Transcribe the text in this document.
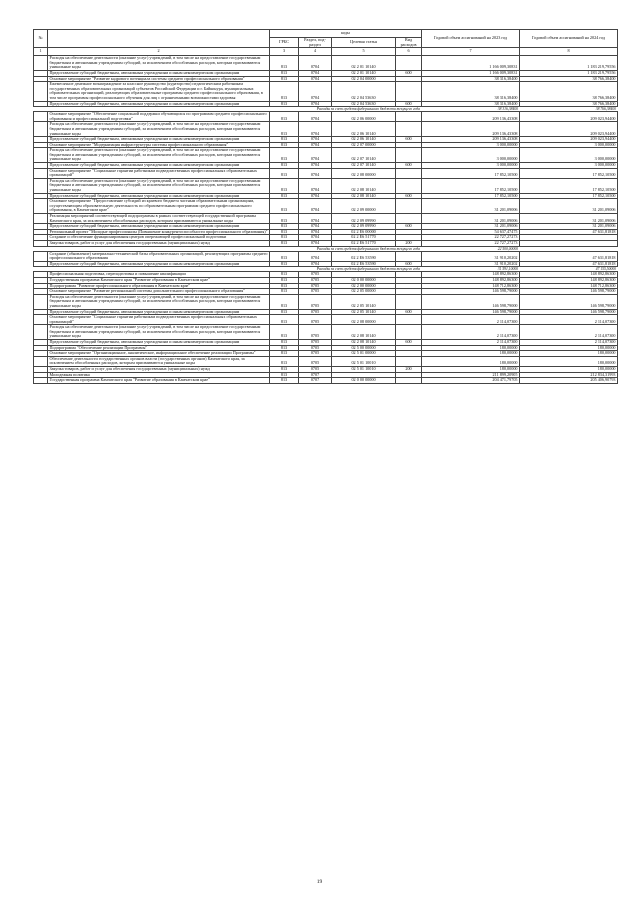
№		коды				Годовой объем ассигнований на 2023 год	Годовой объем ассигнований на 2024 год
		ГРБС	Раздел, под- раздел	Целевая статья	Вид расходов		
1	2	3	4	5	6	7	8
	Расходы на обеспечение деятельности (оказание услуг) учреждений, в том числе на предоставление государственным бюджетным и автономным учреждениям субсидий, за исключением обособленных расходов, которым присваиваются уникальные коды	813	0704	02 2 01 10140		1 166 009,30831	1 183 219,79556
	Предоставление субсидий бюджетным, автономным учреждениям и иным некоммерческим организациям	813	0704	02 2 01 10140	600	1 166 009,30831	1 183 219,79556
	Основное мероприятие "Развитие кадрового потенциала системы среднего профессионального образования"	813	0704	02 2 04 00000		38 316,38400	38 766,38400
	Ежемесячное денежное вознаграждение за классное руководство (кураторство) педагогическим работникам государственных образовательных организаций субъектов Российской Федерации и г. Байконура, муниципальных образовательных организаций, реализующих образовательные программы среднего профессионального образования, в том числе программы профессионального обучения для лиц с ограниченными возможностями здоровья	813	0704	02 2 04 53630		38 316,38400	38 766,38400
	Предоставление субсидий бюджетным, автономным учреждениям и иным некоммерческим организациям	813	0704	02 2 04 53630	600	38 316,38400	38 766,38400
	Расходы за счет средств федерального бюджета текущего года					38 316,38400	38 766,38400
	Основное мероприятие "Обеспечение социальной поддержки обучающихся по программам среднего профессионального образования и профессиональной подготовки"	813	0704	02 2 06 00000		209 136,43308	209 023,94400
	Расходы на обеспечение деятельности (оказание услуг) учреждений, в том числе на предоставление государственным бюджетным и автономным учреждениям субсидий, за исключением обособленных расходов, которым присваиваются уникальные коды	813	0704	02 2 06 10140		209 136,43308	209 023,94400
	Предоставление субсидий бюджетным, автономным учреждениям и иным некоммерческим организациям	813	0704	02 2 06 10140	600	209 136,43308	209 023,94400
	Основное мероприятие "Модернизация инфраструктуры системы профессионального образования"	813	0704	02 2 07 00000		3 000,00000	3 000,00000
	Расходы на обеспечение деятельности (оказание услуг) учреждений, в том числе на предоставление государственным бюджетным и автономным учреждениям субсидий, за исключением обособленных расходов, которым присваиваются уникальные коды	813	0704	02 2 07 10140		3 000,00000	3 000,00000
	Предоставление субсидий бюджетным, автономным учреждениям и иным некоммерческим организациям	813	0704	02 2 07 10140	600	3 000,00000	3 000,00000
	Основное мероприятие "Социальные гарантии работникам подведомственных профессиональных образовательных организаций"	813	0704	02 2 08 00000		17 852,10500	17 852,10500
	Расходы на обеспечение деятельности (оказание услуг) учреждений, в том числе на предоставление государственным бюджетным и автономным учреждениям субсидий, за исключением обособленных расходов, которым присваиваются уникальные коды	813	0704	02 2 08 10140		17 852,10500	17 852,10500
	Предоставление субсидий бюджетным, автономным учреждениям и иным некоммерческим организациям	813	0704	02 2 08 10140	600	17 852,10500	17 852,10500
	Основное мероприятие "Предоставление субсидий из краевого бюджета частным образовательным организациям, осуществляющим образовательную деятельность по образовательным программам среднего профессионального образования, в Камчатском крае"	813	0704	02 2 09 00000		31 201,09006	31 201,09006
	Реализация мероприятий соответствующей подпрограммы в рамках соответствующей государственной программы Камчатского края, за исключением обособленных расходов, которым присваиваются уникальные коды	813	0704	02 2 09 09990		31 201,09006	31 201,09006
	Предоставление субсидий бюджетным, автономным учреждениям и иным некоммерческим организациям	813	0704	02 2 09 09990	600	31 201,09006	31 201,09006
	Региональный проект "Молодые профессионалы (Повышение конкурентоспособности профессионального образования)"	813	0704	02 2 Е6 00000		54 637,47475	47 631,81818
	Создание и обеспечение функционирования центров опережающей профессиональной подготовки	813	0704	02 2 Е6 51770		22 727,27273	
	Закупка товаров, работ и услуг для обеспечения государственных (муниципальных) нужд	813	0704	02 2 Е6 51770	200	22 727,27273	
	Расходы за счет средств федерального бюджета текущего года					22 500,00000	
	Создание (обновление) материально-технической базы образовательных организаций, реализующих программы среднего профессионального образования	813	0704	02 2 Е6 53590		31 910,20202	47 631,81818
	Предоставление субсидий бюджетным, автономным учреждениям и иным некоммерческим организациям	813	0704	02 2 Е6 53590	600	31 910,20202	47 631,81818
	Расходы за счет средств федерального бюджета текущего года					31 591,10000	47 155,50000
	Профессиональная подготовка, переподготовка и повышение квалификации	813	0705			148 892,86300	148 892,86300
	Государственная программа Камчатского края "Развитие образования в Камчатском крае"	813	0705	02 0 00 00000		148 892,86300	148 892,86300
	Подпрограмма "Развитие профессионального образования в Камчатском крае"	813	0705	02 2 00 00000		148 712,86300	148 712,86300
	Основное мероприятие "Развитие региональной системы дополнительного профессионального образования"	813	0705	02 2 05 00000		146 598,79000	146 598,79000
	Расходы на обеспечение деятельности (оказание услуг) учреждений, в том числе на предоставление государственным бюджетным и автономным учреждениям субсидий, за исключением обособленных расходов, которым присваиваются уникальные коды	813	0705	02 2 05 10140		146 598,79000	146 598,79000
	Предоставление субсидий бюджетным, автономным учреждениям и иным некоммерческим организациям	813	0705	02 2 05 10140	600	146 598,79000	146 598,79000
	Основное мероприятие "Социальные гарантии работникам подведомственных профессиональных образовательных организаций"	813	0705	02 2 08 00000		2 114,07300	2 114,07300
	Расходы на обеспечение деятельности (оказание услуг) учреждений, в том числе на предоставление государственным бюджетным и автономным учреждениям субсидий, за исключением обособленных расходов, которым присваиваются уникальные коды	813	0705	02 2 08 10140		2 114,07300	2 114,07300
	Предоставление субсидий бюджетным, автономным учреждениям и иным некоммерческим организациям	813	0705	02 2 08 10140	600	2 114,07300	2 114,07300
	Подпрограмма "Обеспечение реализации Программы"	813	0705	02 5 00 00000		180,00000	180,00000
	Основное мероприятие "Организационное, аналитическое, информационное обеспечение реализации Программы"	813	0705	02 5 01 00000		180,00000	180,00000
	Обеспечение деятельности государственных органов власти (государственных органов) Камчатского края, за исключением обособленных расходов, которым присваиваются уникальные коды	813	0705	02 5 01 10010		180,00000	180,00000
	Закупка товаров, работ и услуг для обеспечения государственных (муниципальных) нужд	813	0705	02 5 01 10010	200	180,00000	180,00000
	Молодежная политика	813	0707			211 899,20905	212 834,31993
	Государственная программа Камчатского края "Развитие образования в Камчатском крае"	813	0707	02 0 00 00000		204 471,79705	205 406,90793
19
